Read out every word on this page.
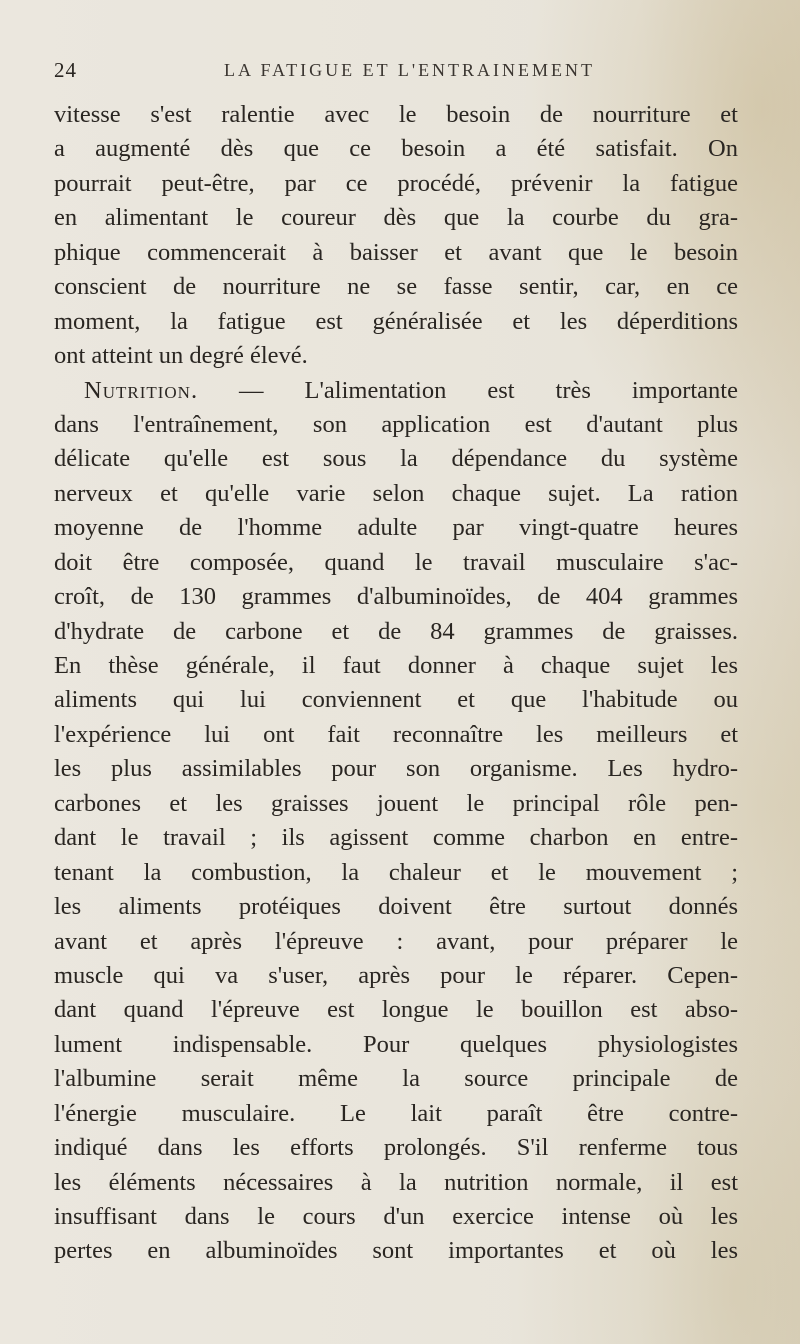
24	LA FATIGUE ET L'ENTRAINEMENT
vitesse s'est ralentie avec le besoin de nourriture et
a augmenté dès que ce besoin a été satisfait. On
pourrait peut-être, par ce procédé, prévenir la fatigue
en alimentant le coureur dès que la courbe du gra-
phique commencerait à baisser et avant que le besoin
conscient de nourriture ne se fasse sentir, car, en ce
moment, la fatigue est généralisée et les déperditions
ont atteint un degré élevé.
Nutrition. — L'alimentation est très importante
dans l'entraînement, son application est d'autant plus
délicate qu'elle est sous la dépendance du système
nerveux et qu'elle varie selon chaque sujet. La ration
moyenne de l'homme adulte par vingt-quatre heures
doit être composée, quand le travail musculaire s'ac-
croît, de 130 grammes d'albuminoïdes, de 404 grammes
d'hydrate de carbone et de 84 grammes de graisses.
En thèse générale, il faut donner à chaque sujet les
aliments qui lui conviennent et que l'habitude ou
l'expérience lui ont fait reconnaître les meilleurs et
les plus assimilables pour son organisme. Les hydro-
carbones et les graisses jouent le principal rôle pen-
dant le travail ; ils agissent comme charbon en entre-
tenant la combustion, la chaleur et le mouvement ;
les aliments protéiques doivent être surtout donnés
avant et après l'épreuve : avant, pour préparer le
muscle qui va s'user, après pour le réparer. Cepen-
dant quand l'épreuve est longue le bouillon est abso-
lument indispensable. Pour quelques physiologistes
l'albumine serait même la source principale de
l'énergie musculaire. Le lait paraît être contre-
indiqué dans les efforts prolongés. S'il renferme tous
les éléments nécessaires à la nutrition normale, il est
insuffisant dans le cours d'un exercice intense où les
pertes en albuminoïdes sont importantes et où les
